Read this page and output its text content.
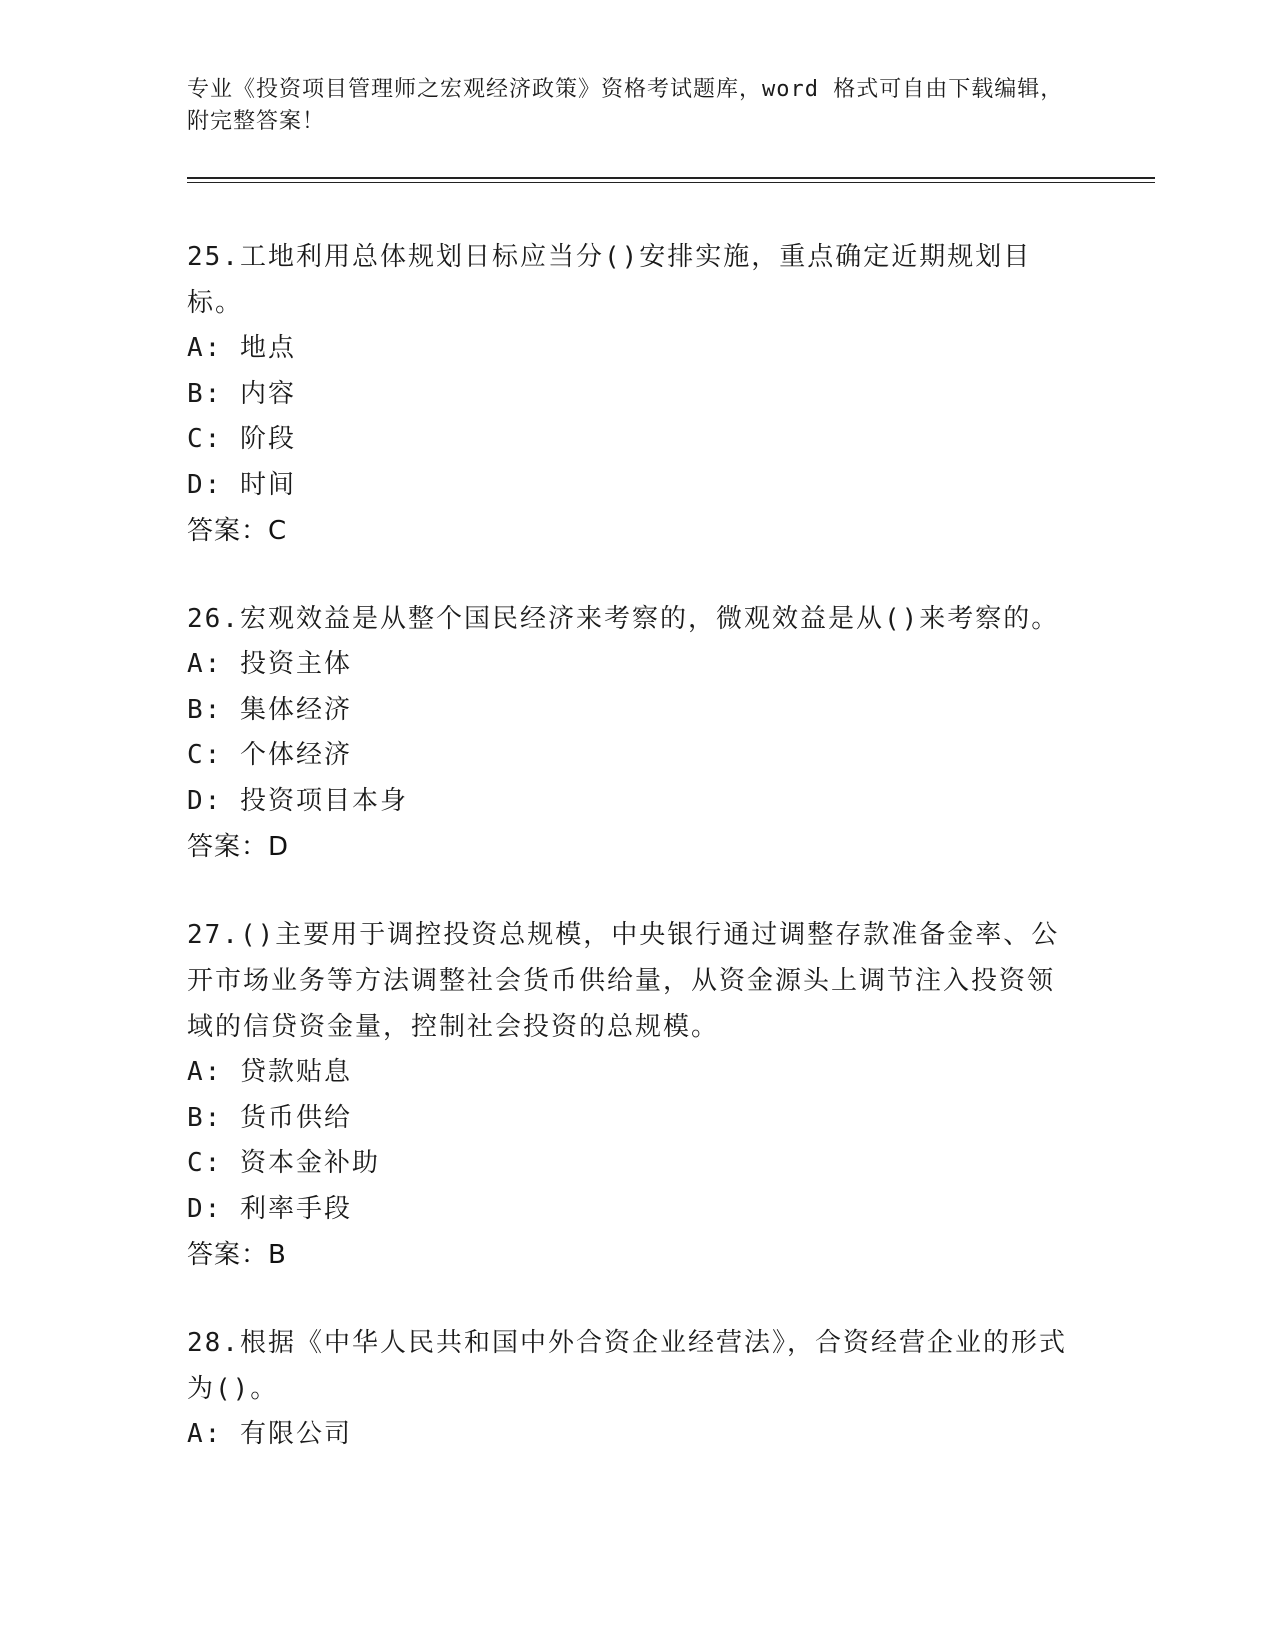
专业《投资项目管理师之宏观经济政策》资格考试题库，word 格式可自由下载编辑，附完整答案！

25.工地利用总体规划日标应当分()安排实施，重点确定近期规划目标。

A: 地点

B: 内容

C: 阶段

D: 时间

答案：C

26.宏观效益是从整个国民经济来考察的，微观效益是从()来考察的。

A: 投资主体

B: 集体经济

C: 个体经济

D: 投资项目本身

答案：D

27.()主要用于调控投资总规模，中央银行通过调整存款准备金率、公开市场业务等方法调整社会货币供给量，从资金源头上调节注入投资领域的信贷资金量，控制社会投资的总规模。

A: 贷款贴息

B: 货币供给

C: 资本金补助

D: 利率手段

答案：B

28.根据《中华人民共和国中外合资企业经营法》，合资经营企业的形式为()。

A: 有限公司
